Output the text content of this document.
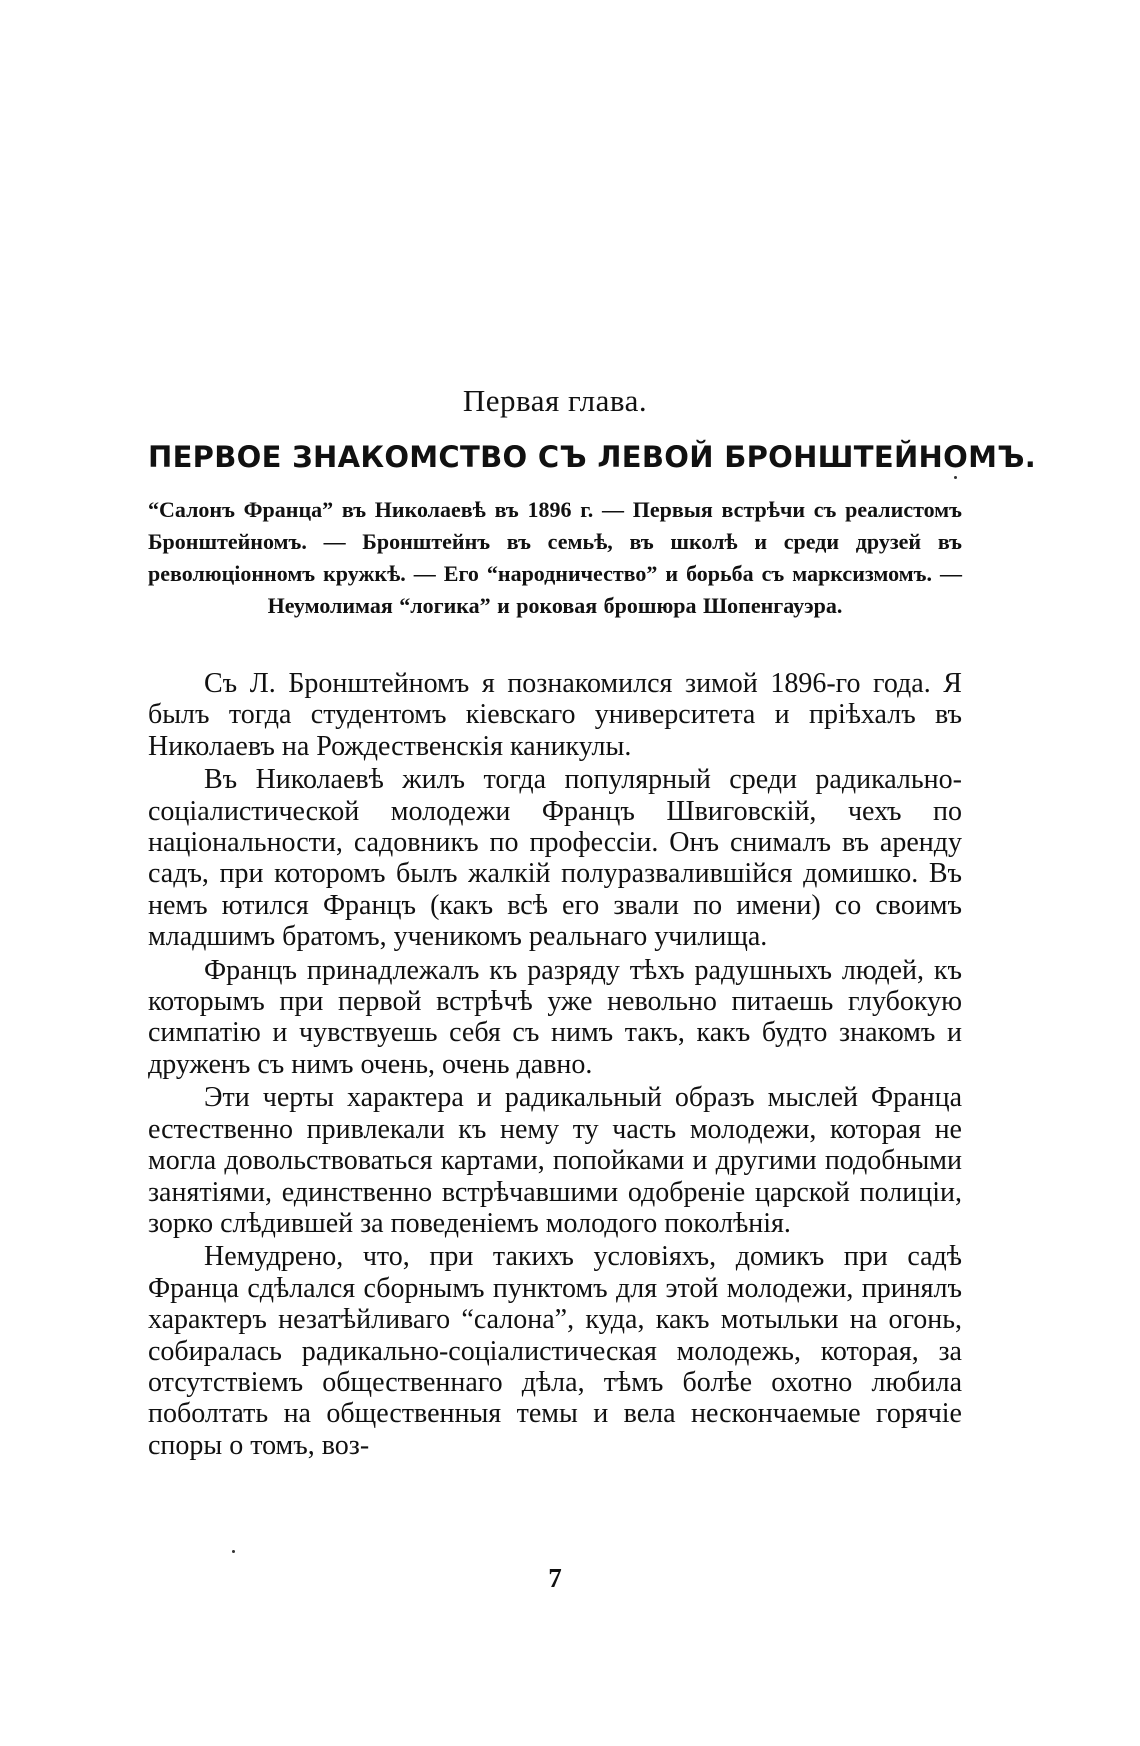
Первая глава.
ПЕРВОЕ ЗНАКОМСТВО СЪ ЛЕВОЙ БРОНШТЕЙНОМЪ.
“Салонъ Франца” въ Николаевѣ въ 1896 г. — Первыя встрѣчи съ реалистомъ Бронштейномъ. — Бронштейнъ въ семьѣ, въ школѣ и среди друзей въ революціонномъ кружкѣ. — Его “народничество” и борьба съ марксизмомъ. — Неумолимая “логика” и роковая брошюра Шопенгауэра.

Съ Л. Бронштейномъ я познакомился зимой 1896-го года. Я былъ тогда студентомъ кіевскаго университета и пріѣхалъ въ Николаевъ на Рождественскія каникулы.

Въ Николаевѣ жилъ тогда популярный среди радикально-соціалистической молодежи Францъ Швиговскій, чехъ по національности, садовникъ по профессіи. Онъ снималъ въ аренду садъ, при которомъ былъ жалкій полуразвалившійся домишко. Въ немъ ютился Францъ (какъ всѣ его звали по имени) со своимъ младшимъ братомъ, ученикомъ реальнаго училища.

Францъ принадлежалъ къ разряду тѣхъ радушныхъ людей, къ которымъ при первой встрѣчѣ уже невольно питаешь глубокую симпатію и чувствуешь себя съ нимъ такъ, какъ будто знакомъ и друженъ съ нимъ очень, очень давно.

Эти черты характера и радикальный образъ мыслей Франца естественно привлекали къ нему ту часть молодежи, которая не могла довольствоваться картами, попойками и другими подобными занятіями, единственно встрѣчавшими одобреніе царской полиціи, зорко слѣдившей за поведеніемъ молодого поколѣнія.

Немудрено, что, при такихъ условіяхъ, домикъ при садѣ Франца сдѣлался сборнымъ пунктомъ для этой молодежи, принялъ характеръ незатѣйливаго “салона”, куда, какъ мотыльки на огонь, собиралась радикально-соціалистическая молодежь, которая, за отсутствіемъ общественнаго дѣла, тѣмъ болѣе охотно любила поболтать на общественныя темы и вела нескончаемые горячіе споры о томъ, воз-

7
